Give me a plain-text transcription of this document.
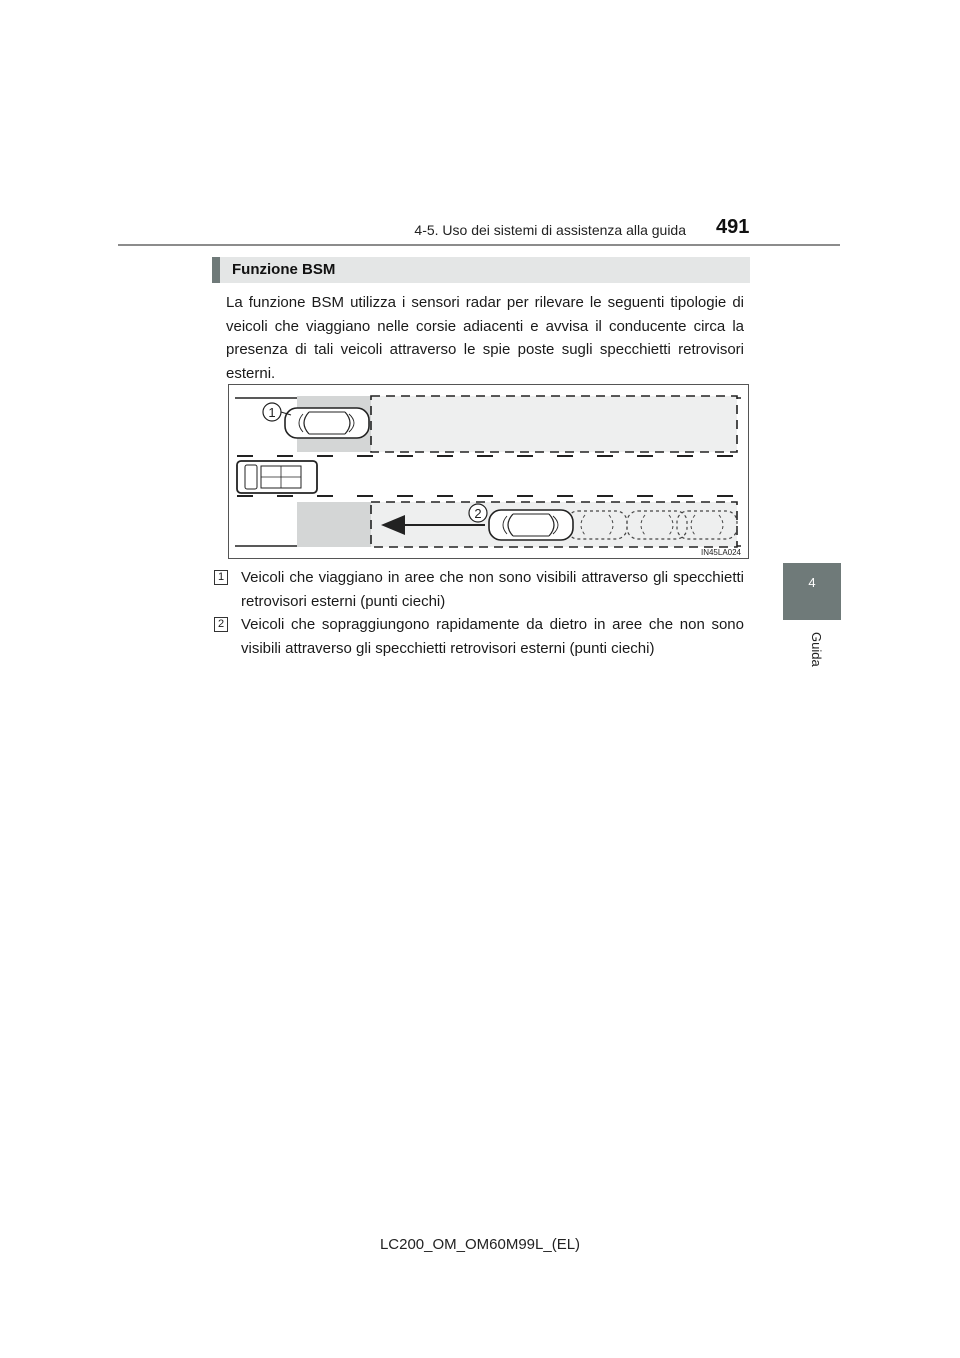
4-5. Uso dei sistemi di assistenza alla guida 491
4
Guida
Funzione BSM

La funzione BSM utilizza i sensori radar per rilevare le seguenti tipologie di veicoli che viaggiano nelle corsie adiacenti e avvisa il conducente circa la presenza di tali veicoli attraverso le spie poste sugli specchietti retrovisori esterni.

1
2
IN45LA024
1 Veicoli che viaggiano in aree che non sono visibili attraverso gli specchietti retrovisori esterni (punti ciechi)
2 Veicoli che sopraggiungono rapidamente da dietro in aree che non sono visibili attraverso gli specchietti retrovisori esterni (punti ciechi)
LC200_OM_OM60M99L_(EL)
